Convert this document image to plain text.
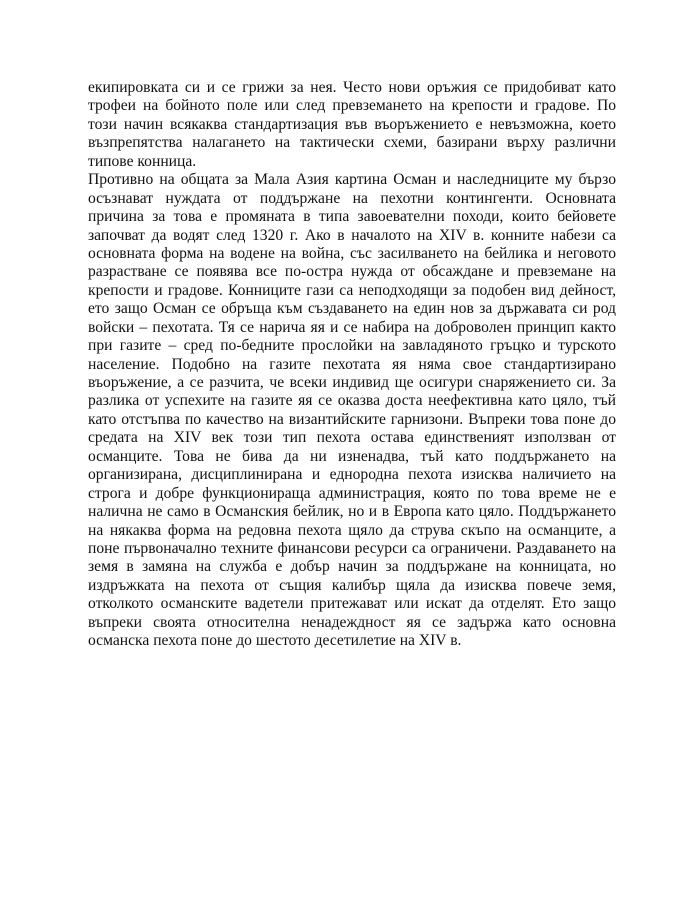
екипировката си и се грижи за нея. Често нови оръжия се придобиват като
трофеи на бойното поле или след превземането на крепости и градове. По
този начин всякаква стандартизация във въоръжението е невъзможна, което
възпрепятства налагането на тактически схеми, базирани върху различни
типове конница.
Противно на общата за Мала Азия картина Осман и наследниците му бързо
осъзнават нуждата от поддържане на пехотни контингенти. Основната
причина за това е промяната в типа завоевателни походи, които бейовете
започват да водят след 1320 г. Ако в началото на XIV в. конните набези са
основната форма на водене на война, със засилването на бейлика и неговото
разрастване се появява все по-остра нужда от обсаждане и превземане на
крепости и градове. Конниците гази са неподходящи за подобен вид дейност,
ето защо Осман се обръща към създаването на един нов за държавата си род
войски – пехотата. Тя се нарича яя и се набира на доброволен принцип както
при газите – сред по-бедните прослойки на завладяното гръцко и турското
население. Подобно на газите пехотата яя няма свое стандартизирано
въоръжение, а се разчита, че всеки индивид ще осигури снаряжението си. За
разлика от успехите на газите яя се оказва доста неефективна като цяло, тъй
като отстъпва по качество на византийските гарнизони. Въпреки това поне до
средата на XIV век този тип пехота остава единственият използван от
османците. Това не бива да ни изненадва, тъй като поддържането на
организирана, дисциплинирана и еднородна пехота изисква наличието на
строга и добре функционираща администрация, която по това време не е
налична не само в Османския бейлик, но и в Европа като цяло. Поддържането
на някаква форма на редовна пехота щяло да струва скъпо на османците, а
поне първоначално техните финансови ресурси са ограничени. Раздаването на
земя в замяна на служба е добър начин за поддържане на конницата, но
издръжката на пехота от същия калибър щяла да изисква повече земя,
отколкото османските вадетели притежават или искат да отделят. Ето защо
въпреки своята относителна ненадеждност яя се задържа като основна
османска пехота поне до шестото десетилетие на XIV в.
